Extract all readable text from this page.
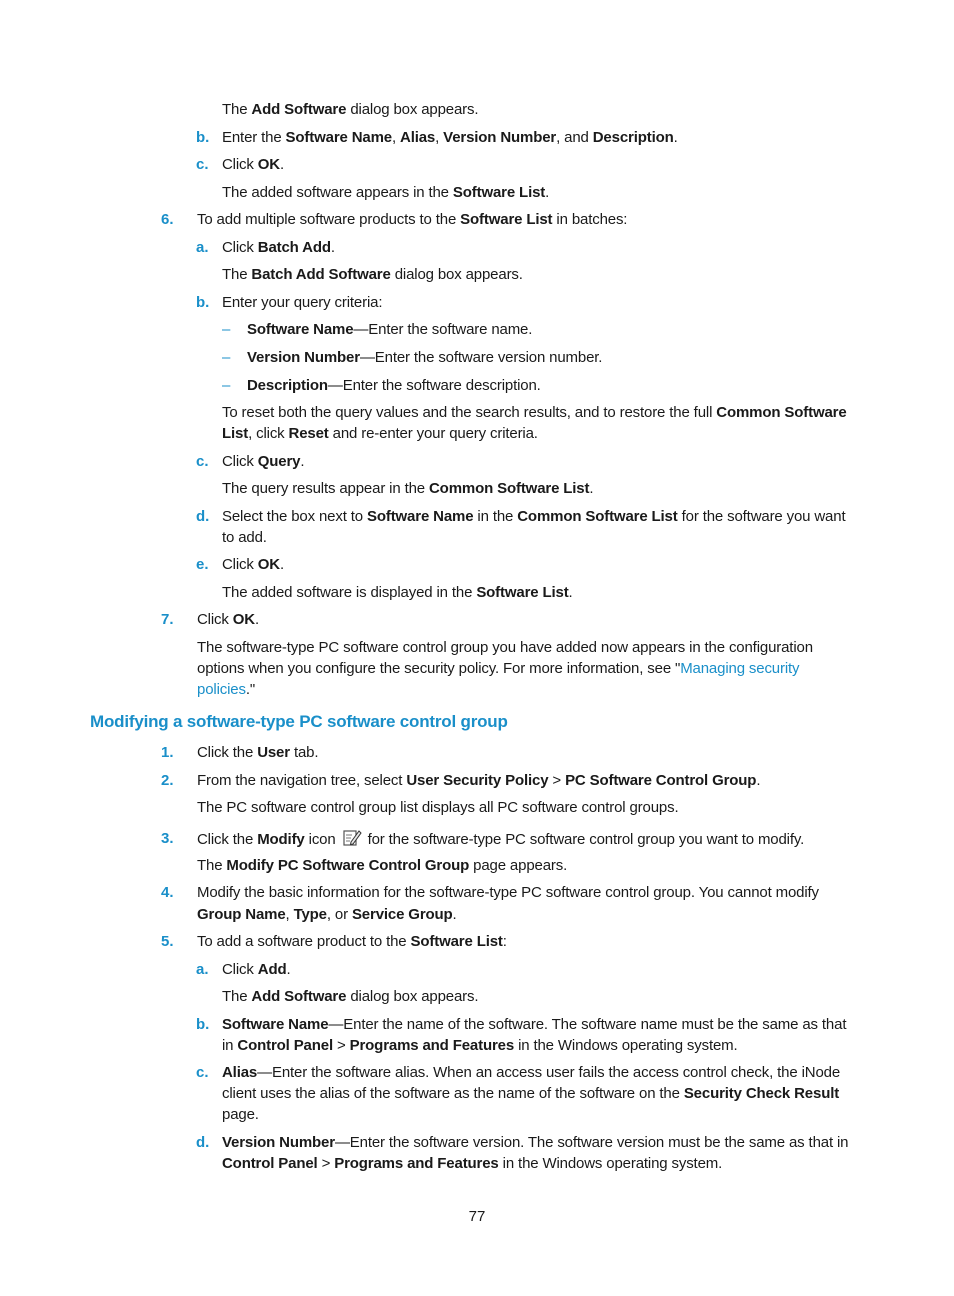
b.
c.
6.
a.
b.
–
–
–
c.
d.
e.
7.
1.
2.
3.
4.
5.
a.
b.
c.
d.
The Add Software dialog box appears.
Enter the Software Name, Alias, Version Number, and Description.
Click OK.
The added software appears in the Software List.
To add multiple software products to the Software List in batches:
Click Batch Add.
The Batch Add Software dialog box appears.
Enter your query criteria:
Software Name—Enter the software name.
Version Number—Enter the software version number.
Description—Enter the software description.
To reset both the query values and the search results, and to restore the full Common Software
List, click Reset and re-enter your query criteria.
Click Query.
The query results appear in the Common Software List.
Select the box next to Software Name in the Common Software List for the software you want
to add.
Click OK.
The added software is displayed in the Software List.
Click OK.
The software-type PC software control group you have added now appears in the configuration
options when you configure the security policy. For more information, see "Managing security
policies."
Modifying a software-type PC software control group
Click the User tab.
From the navigation tree, select User Security Policy > PC Software Control Group.
The PC software control group list displays all PC software control groups.
Click the Modify icon  for the software-type PC software control group you want to modify.
The Modify PC Software Control Group page appears.
Modify the basic information for the software-type PC software control group. You cannot modify
Group Name, Type, or Service Group.
To add a software product to the Software List:
Click Add.
The Add Software dialog box appears.
Software Name—Enter the name of the software. The software name must be the same as that
in Control Panel > Programs and Features in the Windows operating system.
Alias—Enter the software alias. When an access user fails the access control check, the iNode
client uses the alias of the software as the name of the software on the Security Check Result
page.
Version Number—Enter the software version. The software version must be the same as that in
Control Panel > Programs and Features in the Windows operating system.
77
